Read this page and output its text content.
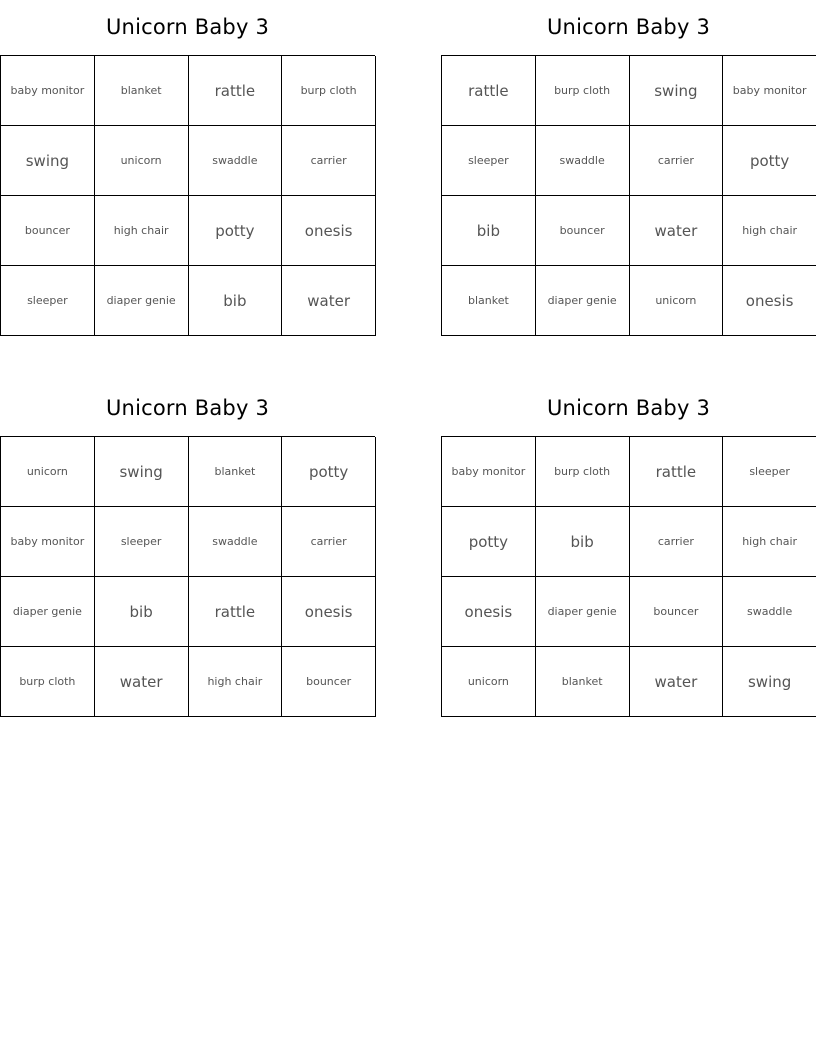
Unicorn Baby 3
baby monitor	blanket	rattle	burp cloth
swing	unicorn	swaddle	carrier
bouncer	high chair	potty	onesis
sleeper	diaper genie	bib	water
Unicorn Baby 3
rattle	burp cloth	swing	baby monitor
sleeper	swaddle	carrier	potty
bib	bouncer	water	high chair
blanket	diaper genie	unicorn	onesis
Unicorn Baby 3
unicorn	swing	blanket	potty
baby monitor	sleeper	swaddle	carrier
diaper genie	bib	rattle	onesis
burp cloth	water	high chair	bouncer
Unicorn Baby 3
baby monitor	burp cloth	rattle	sleeper
potty	bib	carrier	high chair
onesis	diaper genie	bouncer	swaddle
unicorn	blanket	water	swing
